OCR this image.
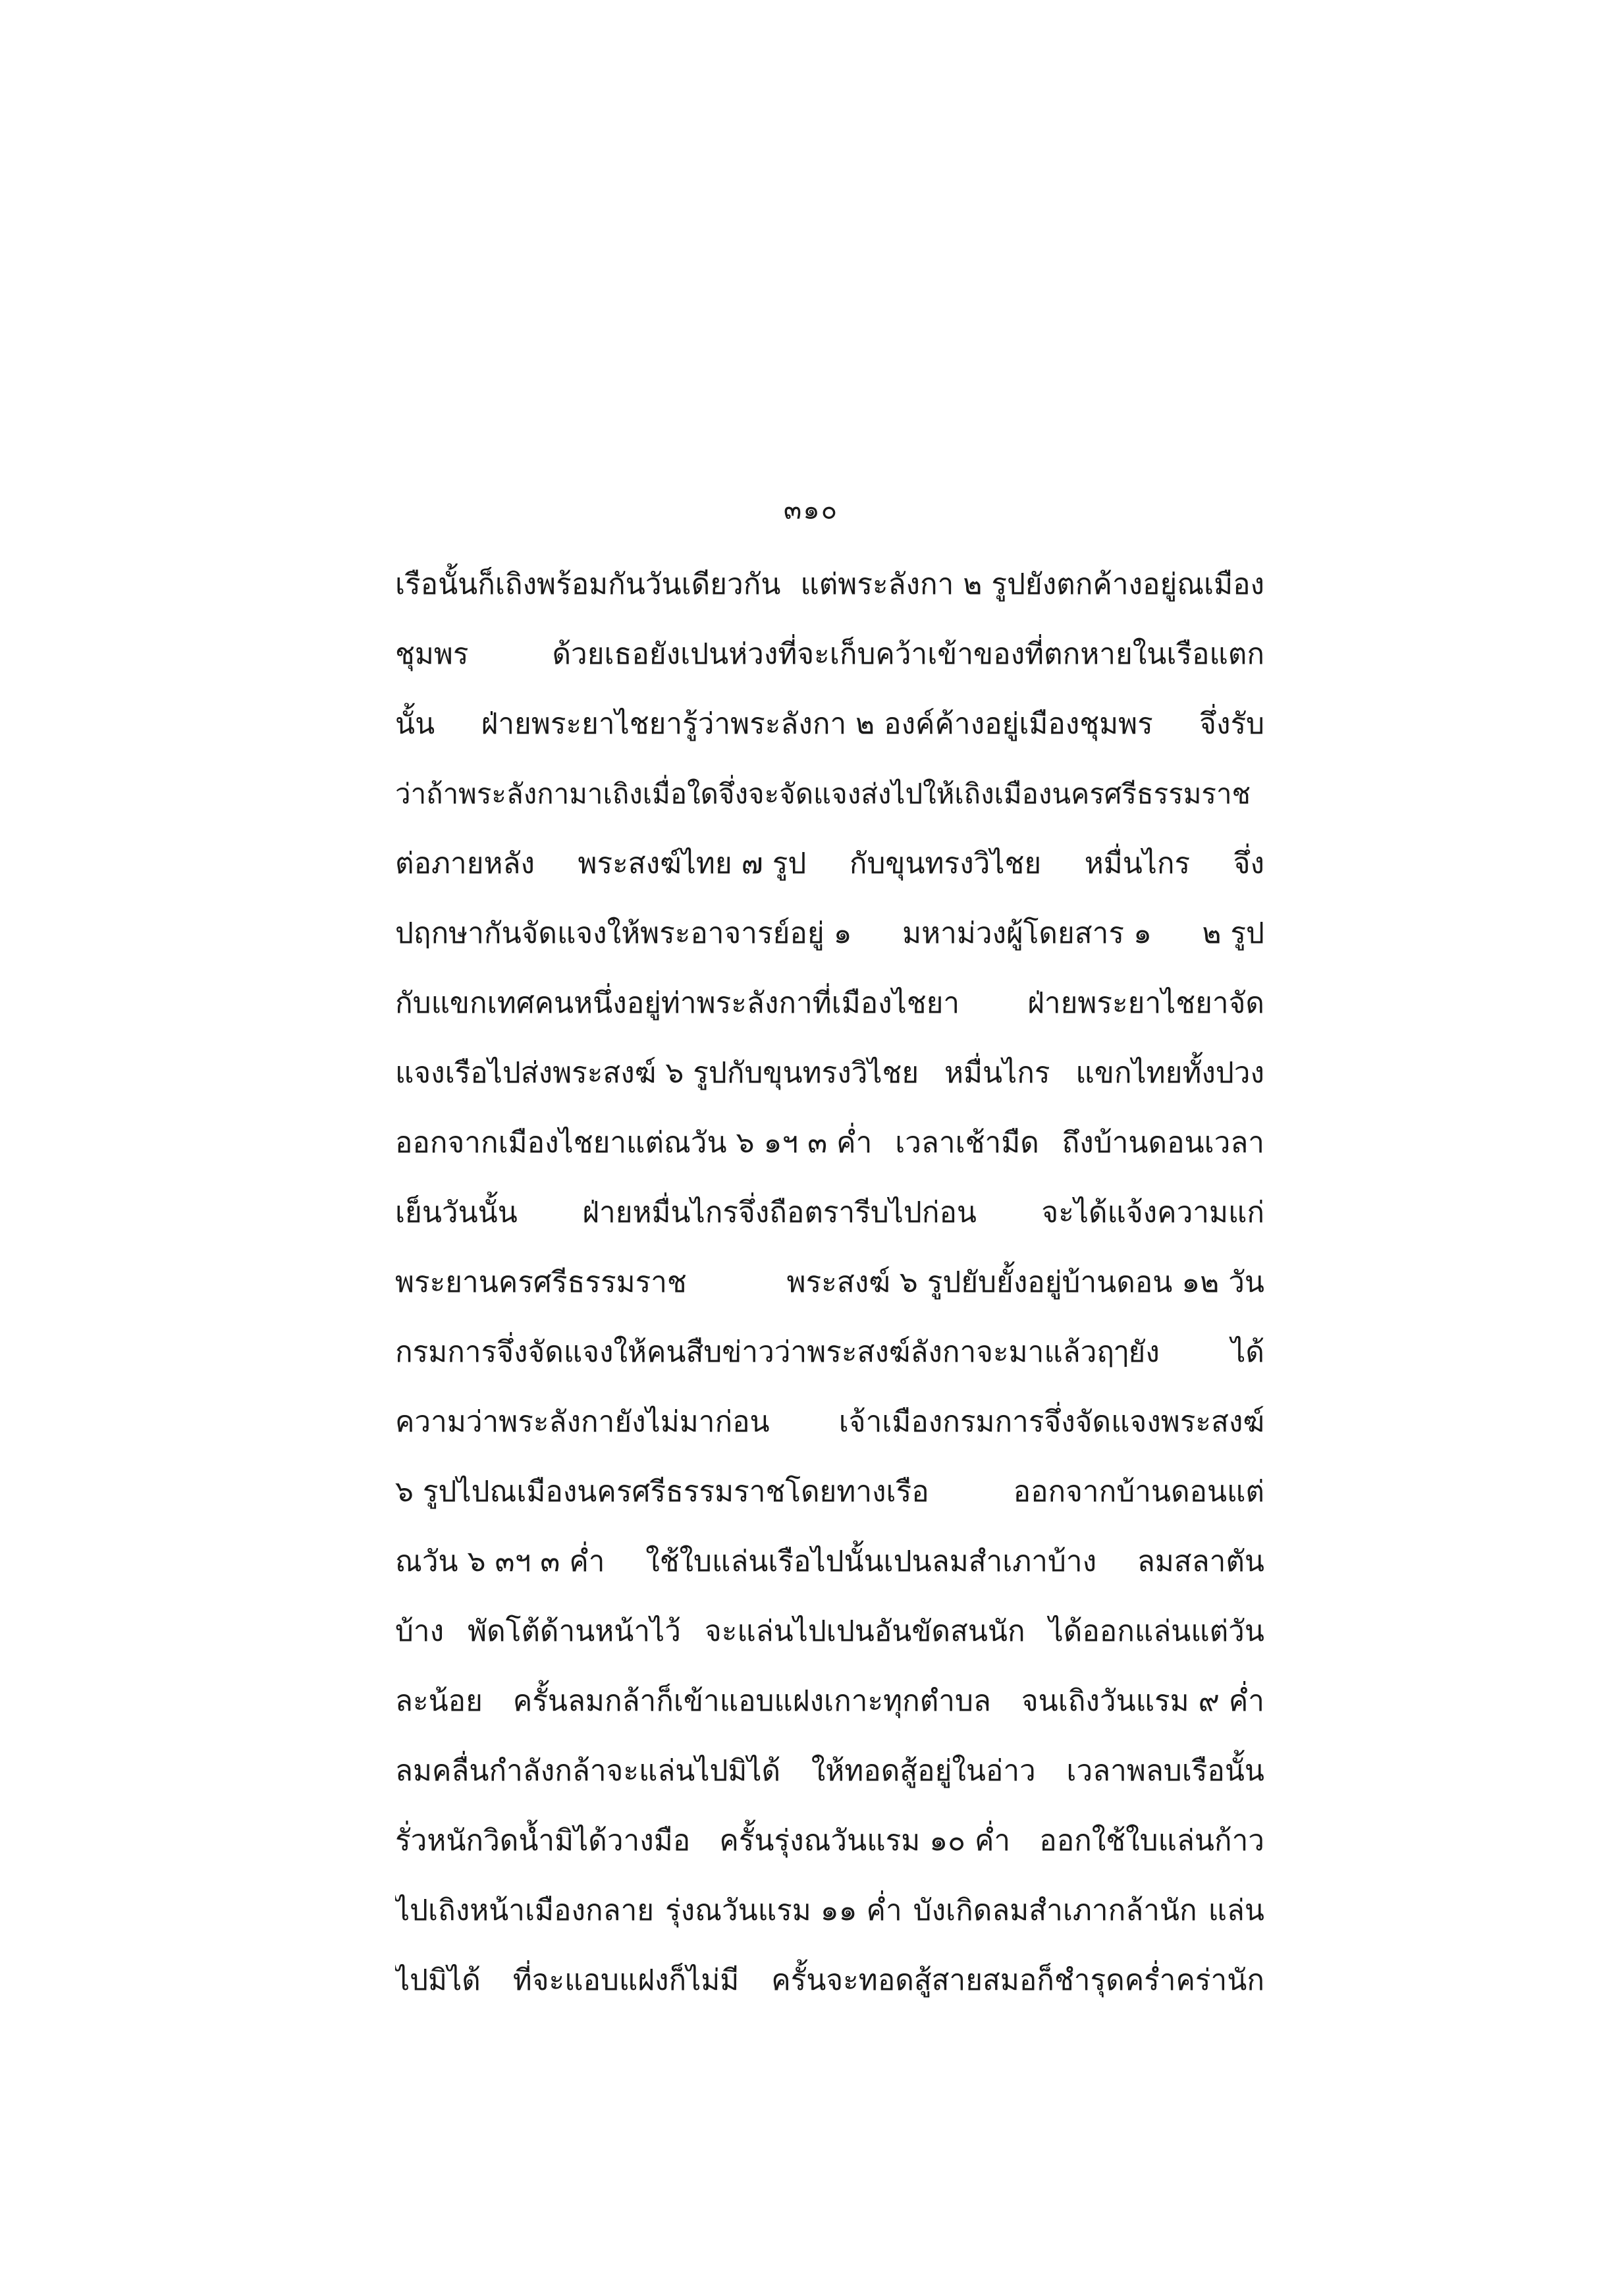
๓๑๐
เรือนั้นก็เถิงพร้อมกันวันเดียวกัน แต่พระลังกา ๒ รูปยังตกค้างอยู่ณเมือง
ชุมพร	ด้วยเธอยังเปนห่วงที่จะเก็บคว้าเข้าของที่ตกหายในเรือแตก
นั้น ฝ่ายพระยาไชยารู้ว่าพระลังกา ๒ องค์ค้างอยู่เมืองชุมพร จึ่งรับ
ว่าถ้าพระลังกามาเถิงเมื่อใดจึ่งจะจัดแจงส่งไปให้เถิงเมืองนครศรีธรรมราช
ต่อภายหลัง พระสงฆ์ไทย ๗ รูป กับขุนทรงวิไชย หมื่นไกร จึ่ง
ปฤกษากันจัดแจงให้พระอาจารย์อยู่ ๑ มหาม่วงผู้โดยสาร ๑ ๒ รูป
กับแขกเทศคนหนึ่งอยู่ท่าพระลังกาที่เมืองไชยา ฝ่ายพระยาไชยาจัด
แจงเรือไปส่งพระสงฆ์ ๖ รูปกับขุนทรงวิไชย หมื่นไกร แขกไทยทั้งปวง
ออกจากเมืองไชยาแต่ณวัน ๖ ๑ฯ ๓ ค่ำ เวลาเช้ามืด ถึงบ้านดอนเวลา
เย็นวันนั้น ฝ่ายหมื่นไกรจึ่งถือตรารีบไปก่อน จะได้แจ้งความแก่
พระยานครศรีธรรมราช	พระสงฆ์ ๖ รูปยับยั้งอยู่บ้านดอน ๑๒ วัน
กรมการจึ่งจัดแจงให้คนสืบข่าวว่าพระสงฆ์ลังกาจะมาแล้วฤๅยัง ได้
ความว่าพระลังกายังไม่มาก่อน เจ้าเมืองกรมการจึ่งจัดแจงพระสงฆ์
๖ รูปไปณเมืองนครศรีธรรมราชโดยทางเรือ	ออกจากบ้านดอนแต่
ณวัน ๖ ๓ฯ ๓ ค่ำ ใช้ใบแล่นเรือไปนั้นเปนลมสำเภาบ้าง ลมสลาตัน
บ้าง พัดโต้ด้านหน้าไว้ จะแล่นไปเปนอันขัดสนนัก ได้ออกแล่นแต่วัน
ละน้อย ครั้นลมกล้าก็เข้าแอบแฝงเกาะทุกตำบล จนเถิงวันแรม ๙ ค่ำ
ลมคลื่นกำลังกล้าจะแล่นไปมิได้ ให้ทอดสู้อยู่ในอ่าว เวลาพลบเรือนั้น
รั่วหนักวิดน้ำมิได้วางมือ ครั้นรุ่งณวันแรม ๑๐ ค่ำ ออกใช้ใบแล่นก้าว
ไปเถิงหน้าเมืองกลาย รุ่งณวันแรม ๑๑ ค่ำ บังเกิดลมสำเภากล้านัก แล่น
ไปมิได้ ที่จะแอบแฝงก็ไม่มี ครั้นจะทอดสู้สายสมอก็ชำรุดคร่ำคร่านัก
